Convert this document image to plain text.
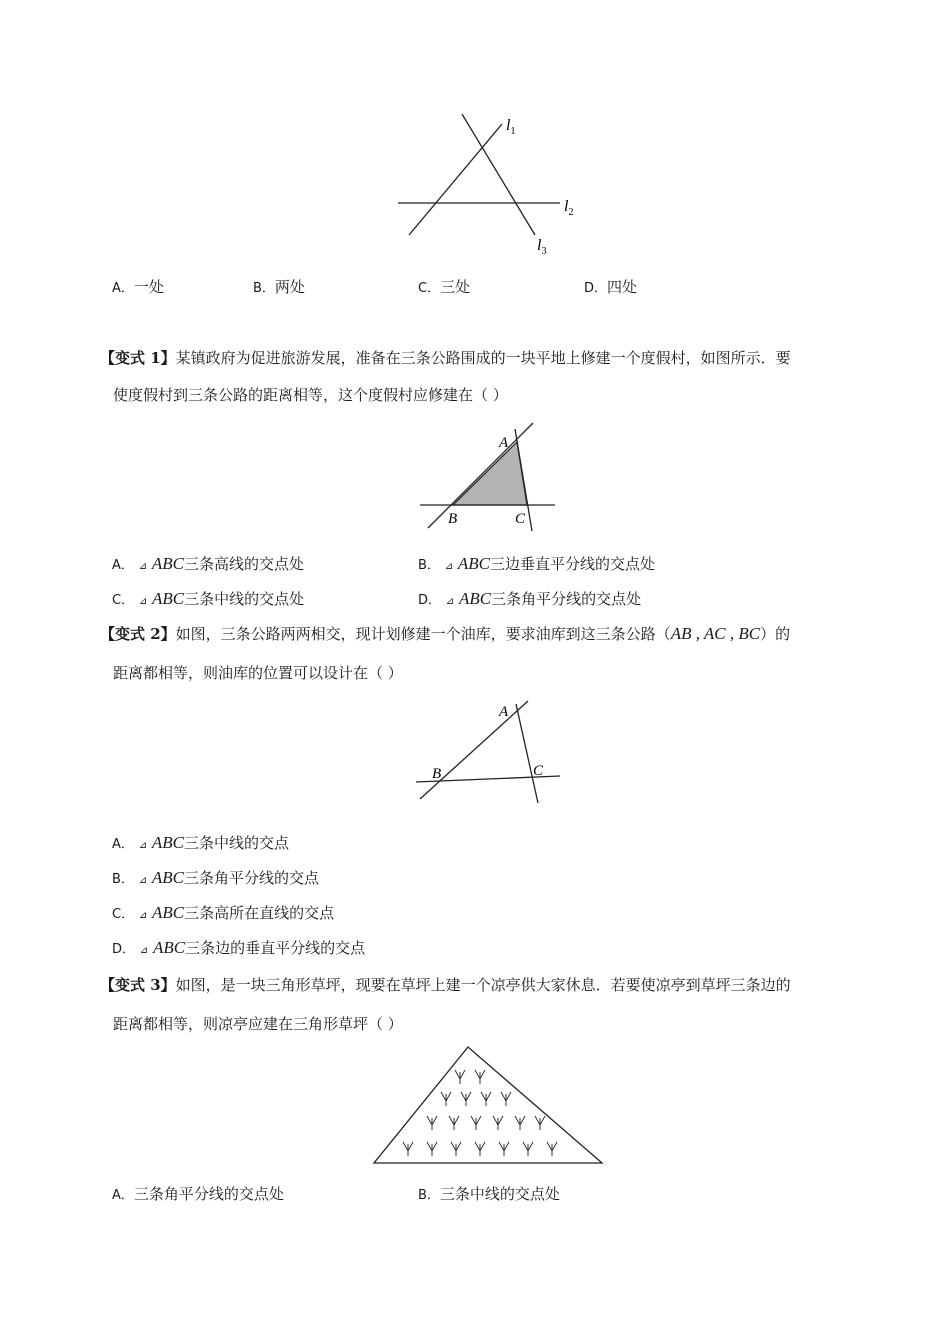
$l_1$
$l_2$
$l_3$
A．一处	B．两处	C．三处	D．四处
【变式 1】某镇政府为促进旅游发展，准备在三条公路围成的一块平地上修建一个度假村，如图所示．要
使度假村到三条公路的距离相等，这个度假村应修建在（ ）
A
B	C
A． ⊿ ABC三条高线的交点处	B． ⊿ ABC三边垂直平分线的交点处
C． ⊿ ABC三条中线的交点处	D． ⊿ ABC三条角平分线的交点处
【变式 2】如图，三条公路两两相交，现计划修建一个油库，要求油库到这三条公路（AB , AC , BC）的
距离都相等，则油库的位置可以设计在（ ）
A
B	C
A． ⊿ ABC三条中线的交点
B． ⊿ ABC三条角平分线的交点
C． ⊿ ABC三条高所在直线的交点
D． ⊿ ABC三条边的垂直平分线的交点
【变式 3】如图，是一块三角形草坪，现要在草坪上建一个凉亭供大家休息．若要使凉亭到草坪三条边的
距离都相等，则凉亭应建在三角形草坪（ ）
A．三条角平分线的交点处	B．三条中线的交点处
